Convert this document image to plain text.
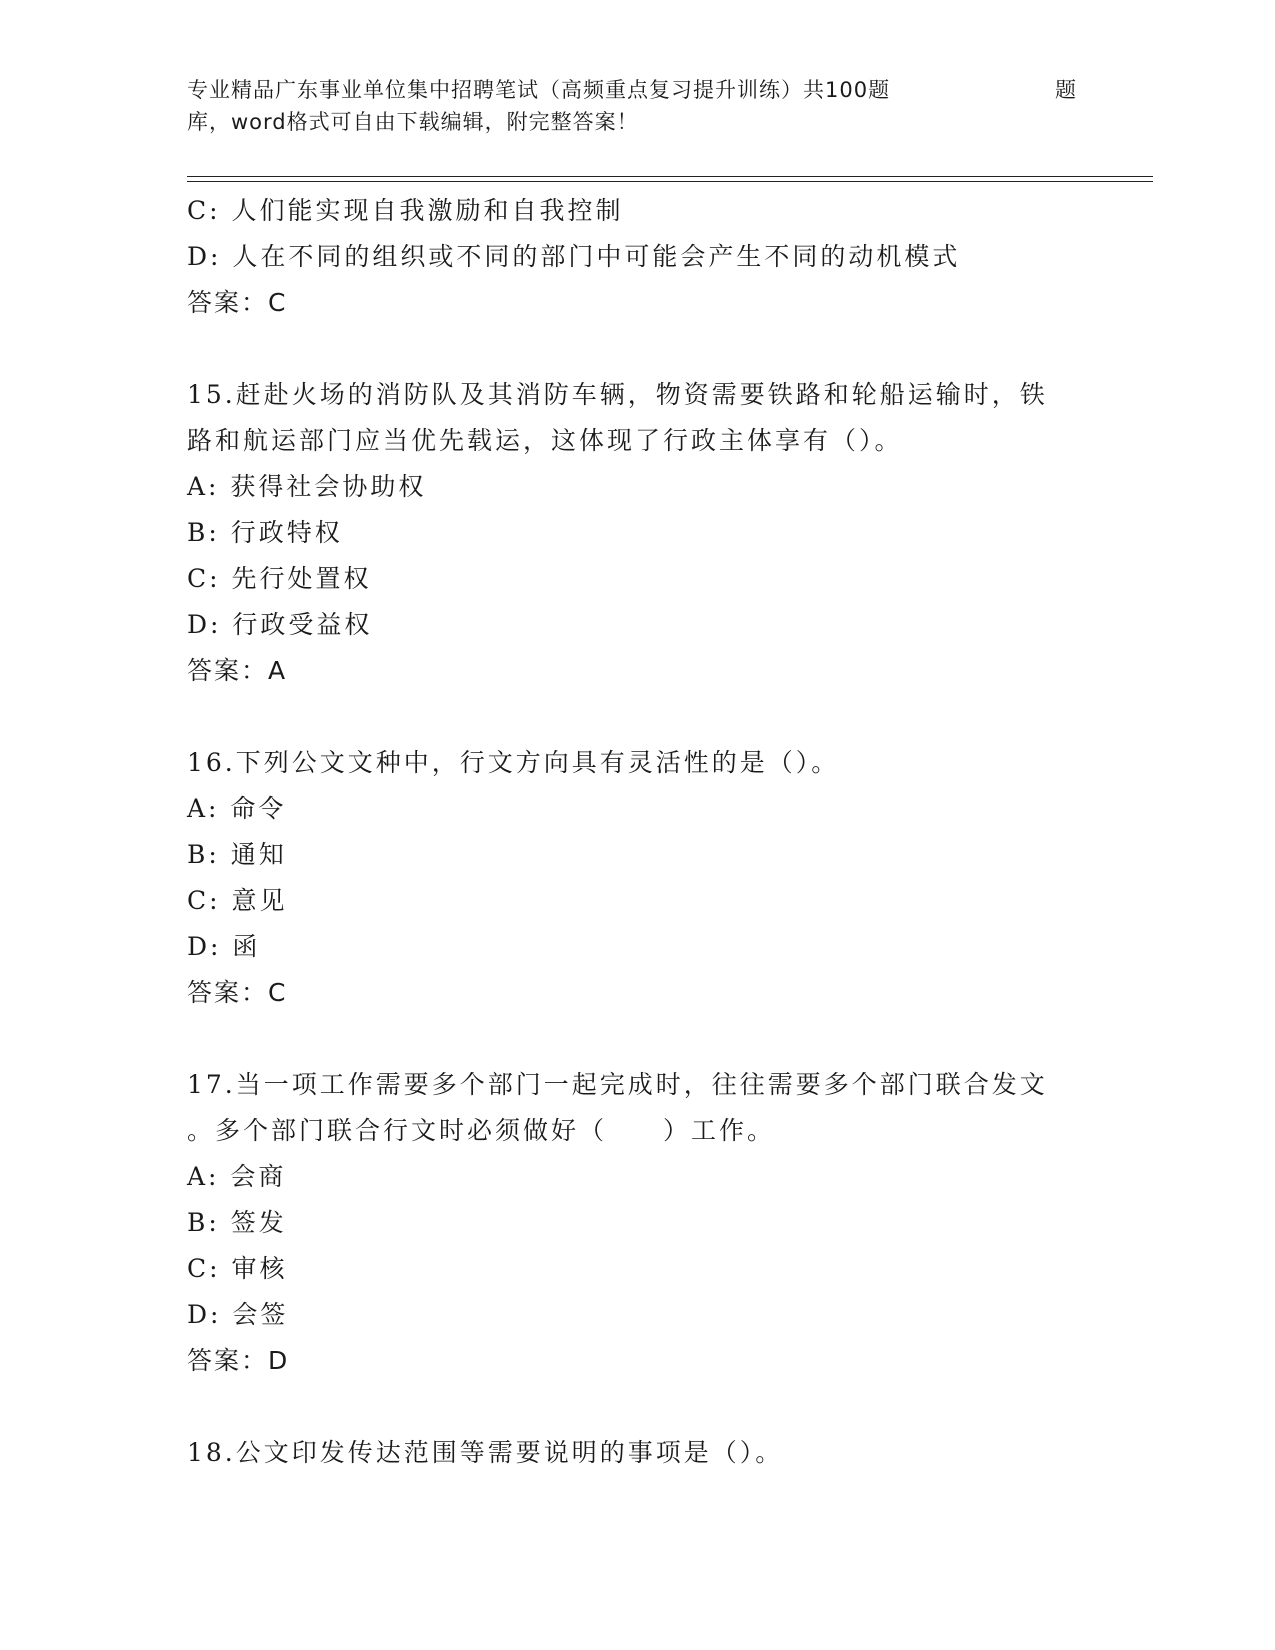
专业精品广东事业单位集中招聘笔试（高频重点复习提升训练）共100题	题
库，word格式可自由下载编辑，附完整答案！
C: 人们能实现自我激励和自我控制
D: 人在不同的组织或不同的部门中可能会产生不同的动机模式
答案：C
15.赶赴火场的消防队及其消防车辆，物资需要铁路和轮船运输时，铁
路和航运部门应当优先载运，这体现了行政主体享有（）。
A: 获得社会协助权
B: 行政特权
C: 先行处置权
D: 行政受益权
答案：A
16.下列公文文种中，行文方向具有灵活性的是（）。
A: 命令
B: 通知
C: 意见
D: 函
答案：C
17.当一项工作需要多个部门一起完成时，往往需要多个部门联合发文
。多个部门联合行文时必须做好（　　）工作。
A: 会商
B: 签发
C: 审核
D: 会签
答案：D
18.公文印发传达范围等需要说明的事项是（）。
